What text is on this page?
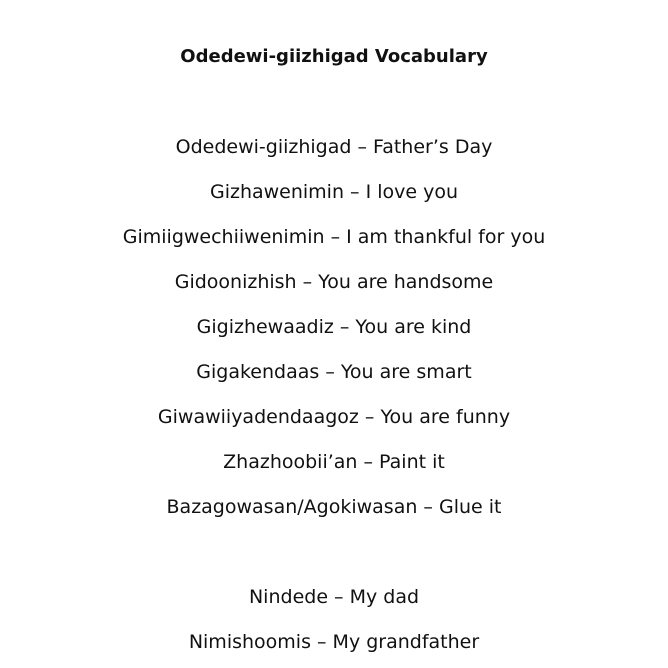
Odedewi-giizhigad Vocabulary
Odedewi-giizhigad – Father’s Day
Gizhawenimin – I love you
Gimiigwechiiwenimin – I am thankful for you
Gidoonizhish – You are handsome
Gigizhewaadiz – You are kind
Gigakendaas – You are smart
Giwawiiyadendaagoz – You are funny
Zhazhoobii’an – Paint it
Bazagowasan/Agokiwasan – Glue it
Nindede – My dad
Nimishoomis – My grandfather
